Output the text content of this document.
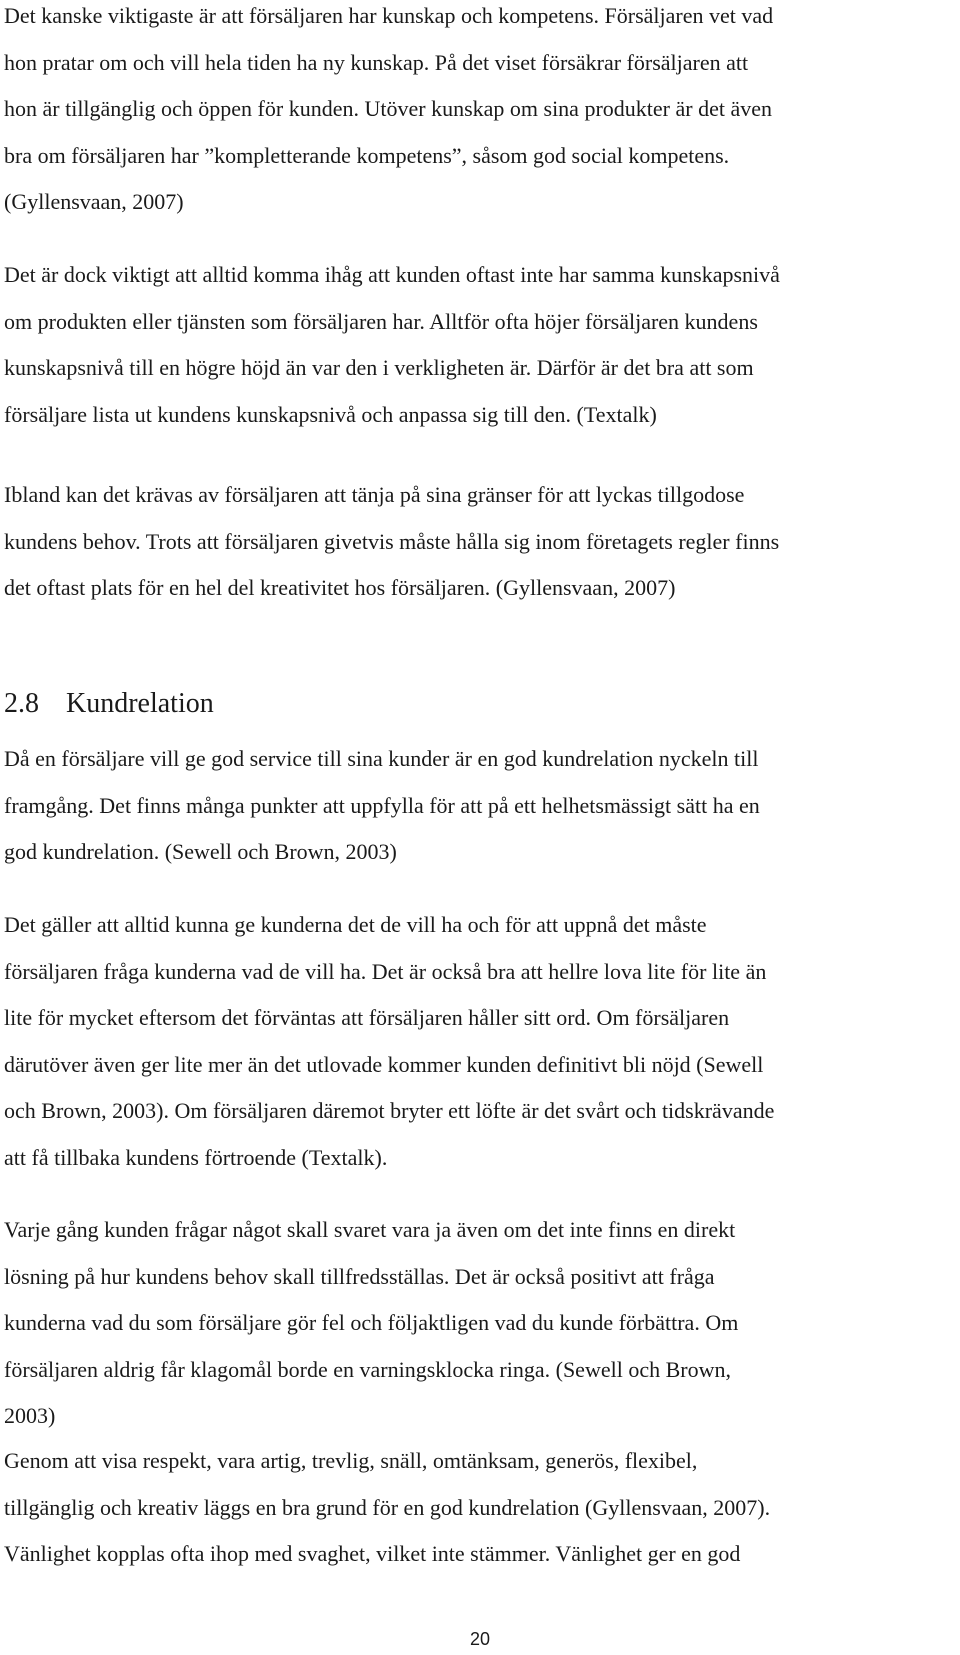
Det kanske viktigaste är att försäljaren har kunskap och kompetens. Försäljaren vet vad
hon pratar om och vill hela tiden ha ny kunskap. På det viset försäkrar försäljaren att
hon är tillgänglig och öppen för kunden. Utöver kunskap om sina produkter är det även
bra om försäljaren har ”kompletterande kompetens”, såsom god social kompetens.
(Gyllensvaan, 2007)

Det är dock viktigt att alltid komma ihåg att kunden oftast inte har samma kunskapsnivå
om produkten eller tjänsten som försäljaren har. Alltför ofta höjer försäljaren kundens
kunskapsnivå till en högre höjd än var den i verkligheten är. Därför är det bra att som
försäljare lista ut kundens kunskapsnivå och anpassa sig till den. (Textalk)

Ibland kan det krävas av försäljaren att tänja på sina gränser för att lyckas tillgodose
kundens behov. Trots att försäljaren givetvis måste hålla sig inom företagets regler finns
det oftast plats för en hel del kreativitet hos försäljaren. (Gyllensvaan, 2007)

2.8 Kundrelation

Då en försäljare vill ge god service till sina kunder är en god kundrelation nyckeln till
framgång. Det finns många punkter att uppfylla för att på ett helhetsmässigt sätt ha en
god kundrelation. (Sewell och Brown, 2003)

Det gäller att alltid kunna ge kunderna det de vill ha och för att uppnå det måste
försäljaren fråga kunderna vad de vill ha. Det är också bra att hellre lova lite för lite än
lite för mycket eftersom det förväntas att försäljaren håller sitt ord. Om försäljaren
därutöver även ger lite mer än det utlovade kommer kunden definitivt bli nöjd (Sewell
och Brown, 2003). Om försäljaren däremot bryter ett löfte är det svårt och tidskrävande
att få tillbaka kundens förtroende (Textalk).

Varje gång kunden frågar något skall svaret vara ja även om det inte finns en direkt
lösning på hur kundens behov skall tillfredsställas. Det är också positivt att fråga
kunderna vad du som försäljare gör fel och följaktligen vad du kunde förbättra. Om
försäljaren aldrig får klagomål borde en varningsklocka ringa. (Sewell och Brown,
2003)

Genom att visa respekt, vara artig, trevlig, snäll, omtänksam, generös, flexibel,
tillgänglig och kreativ läggs en bra grund för en god kundrelation (Gyllensvaan, 2007).
Vänlighet kopplas ofta ihop med svaghet, vilket inte stämmer. Vänlighet ger en god

20
